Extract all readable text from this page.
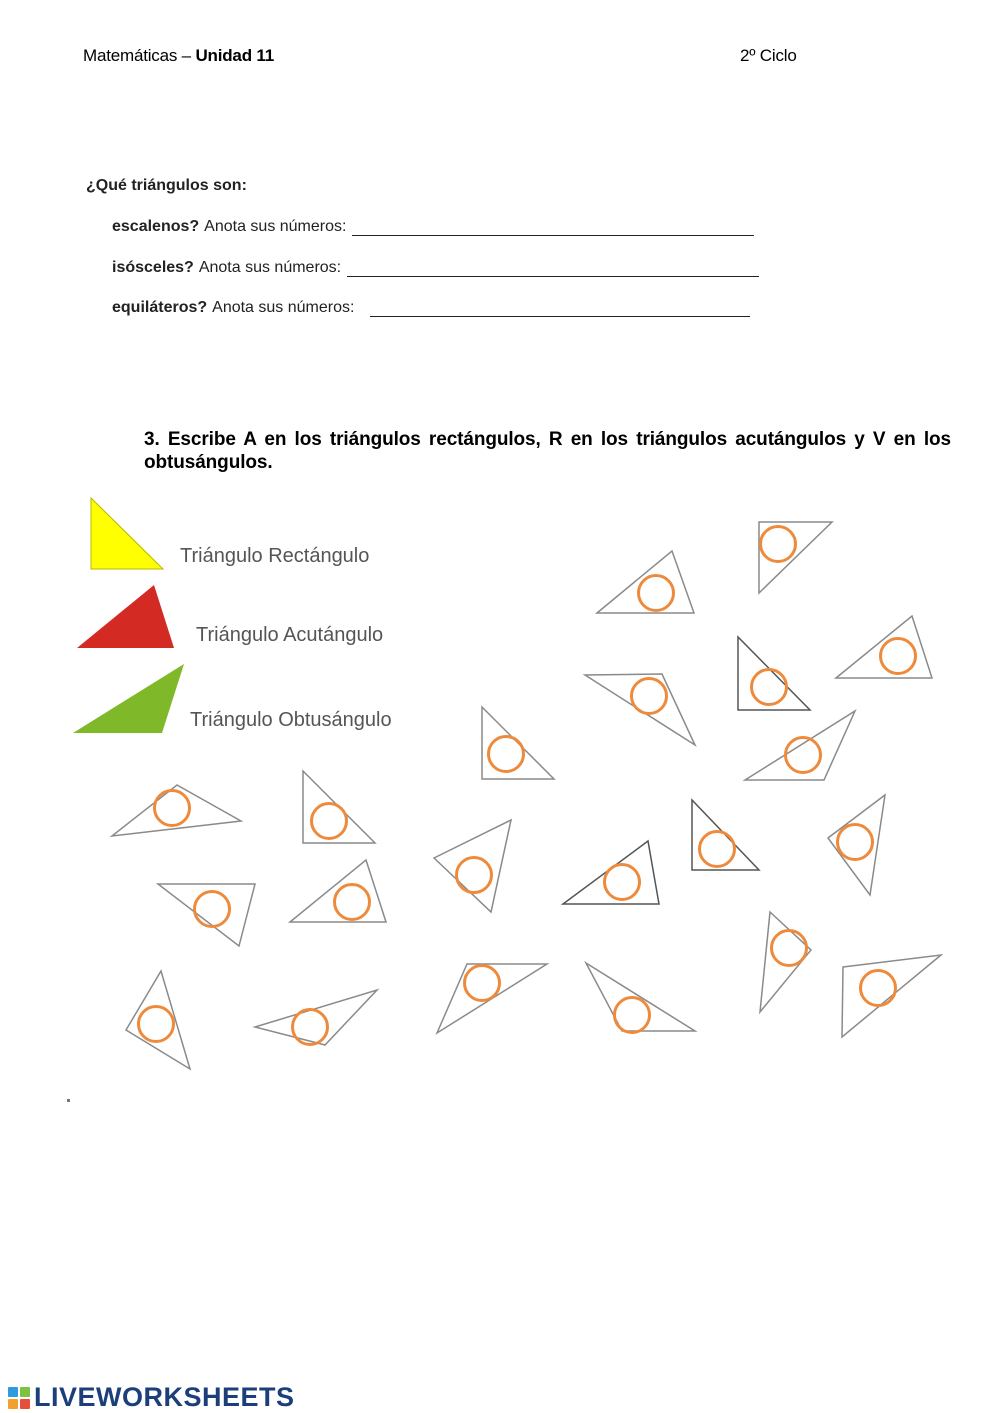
Matemáticas – Unidad 11	2º Ciclo
¿Qué triángulos son:
escalenos? Anota sus números:
isósceles? Anota sus números:
equiláteros? Anota sus números:
3. Escribe A en los triángulos rectángulos, R en los triángulos acutángulos y V en los obtusángulos.
Triángulo Rectángulo
Triángulo Acutángulo
Triángulo Obtusángulo
LIVEWORKSHEETS
